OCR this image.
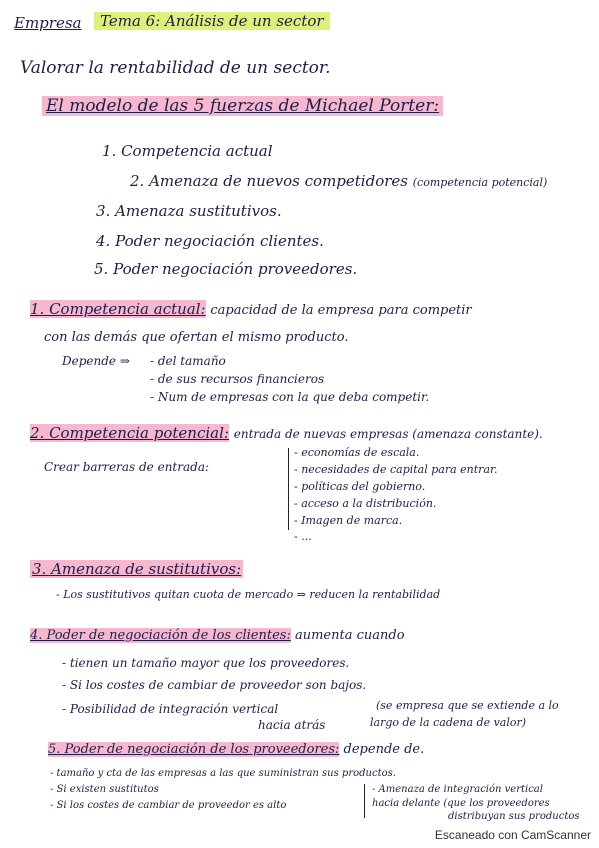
Empresa	Tema 6: Análisis de un sector
Valorar la rentabilidad de un sector.
El modelo de las 5 fuerzas de Michael Porter:
1. Competencia actual
2. Amenaza de nuevos competidores (competencia potencial)
3. Amenaza sustitutivos.
4. Poder negociación clientes.
5. Poder negociación proveedores.
1. Competencia actual: capacidad de la empresa para competir
con las demás que ofertan el mismo producto.
Depende ⇒ - del tamaño
- de sus recursos financieros
- Num de empresas con la que deba competir.
2. Competencia potencial: entrada de nuevas empresas (amenaza constante).
Crear barreras de entrada:
- economías de escala.
- necesidades de capital para entrar.
- políticas del gobierno.
- acceso a la distribución.
- Imagen de marca.
- ...
3. Amenaza de sustitutivos:
- Los sustitutivos quitan cuota de mercado ⇒ reducen la rentabilidad
4. Poder de negociación de los clientes: aumenta cuando
- tienen un tamaño mayor que los proveedores.
- Si los costes de cambiar de proveedor son bajos.
- Posibilidad de integración vertical
hacia atrás
(se empresa que se extiende a lo
largo de la cadena de valor)
5. Poder de negociación de los proveedores: depende de.
- tamaño y cta de las empresas a las que suministran sus productos.
- Si existen sustitutos
- Si los costes de cambiar de proveedor es alto
- Amenaza de integración vertical
hacia delante (que los proveedores
distribuyan sus productos
Escaneado con CamScanner
